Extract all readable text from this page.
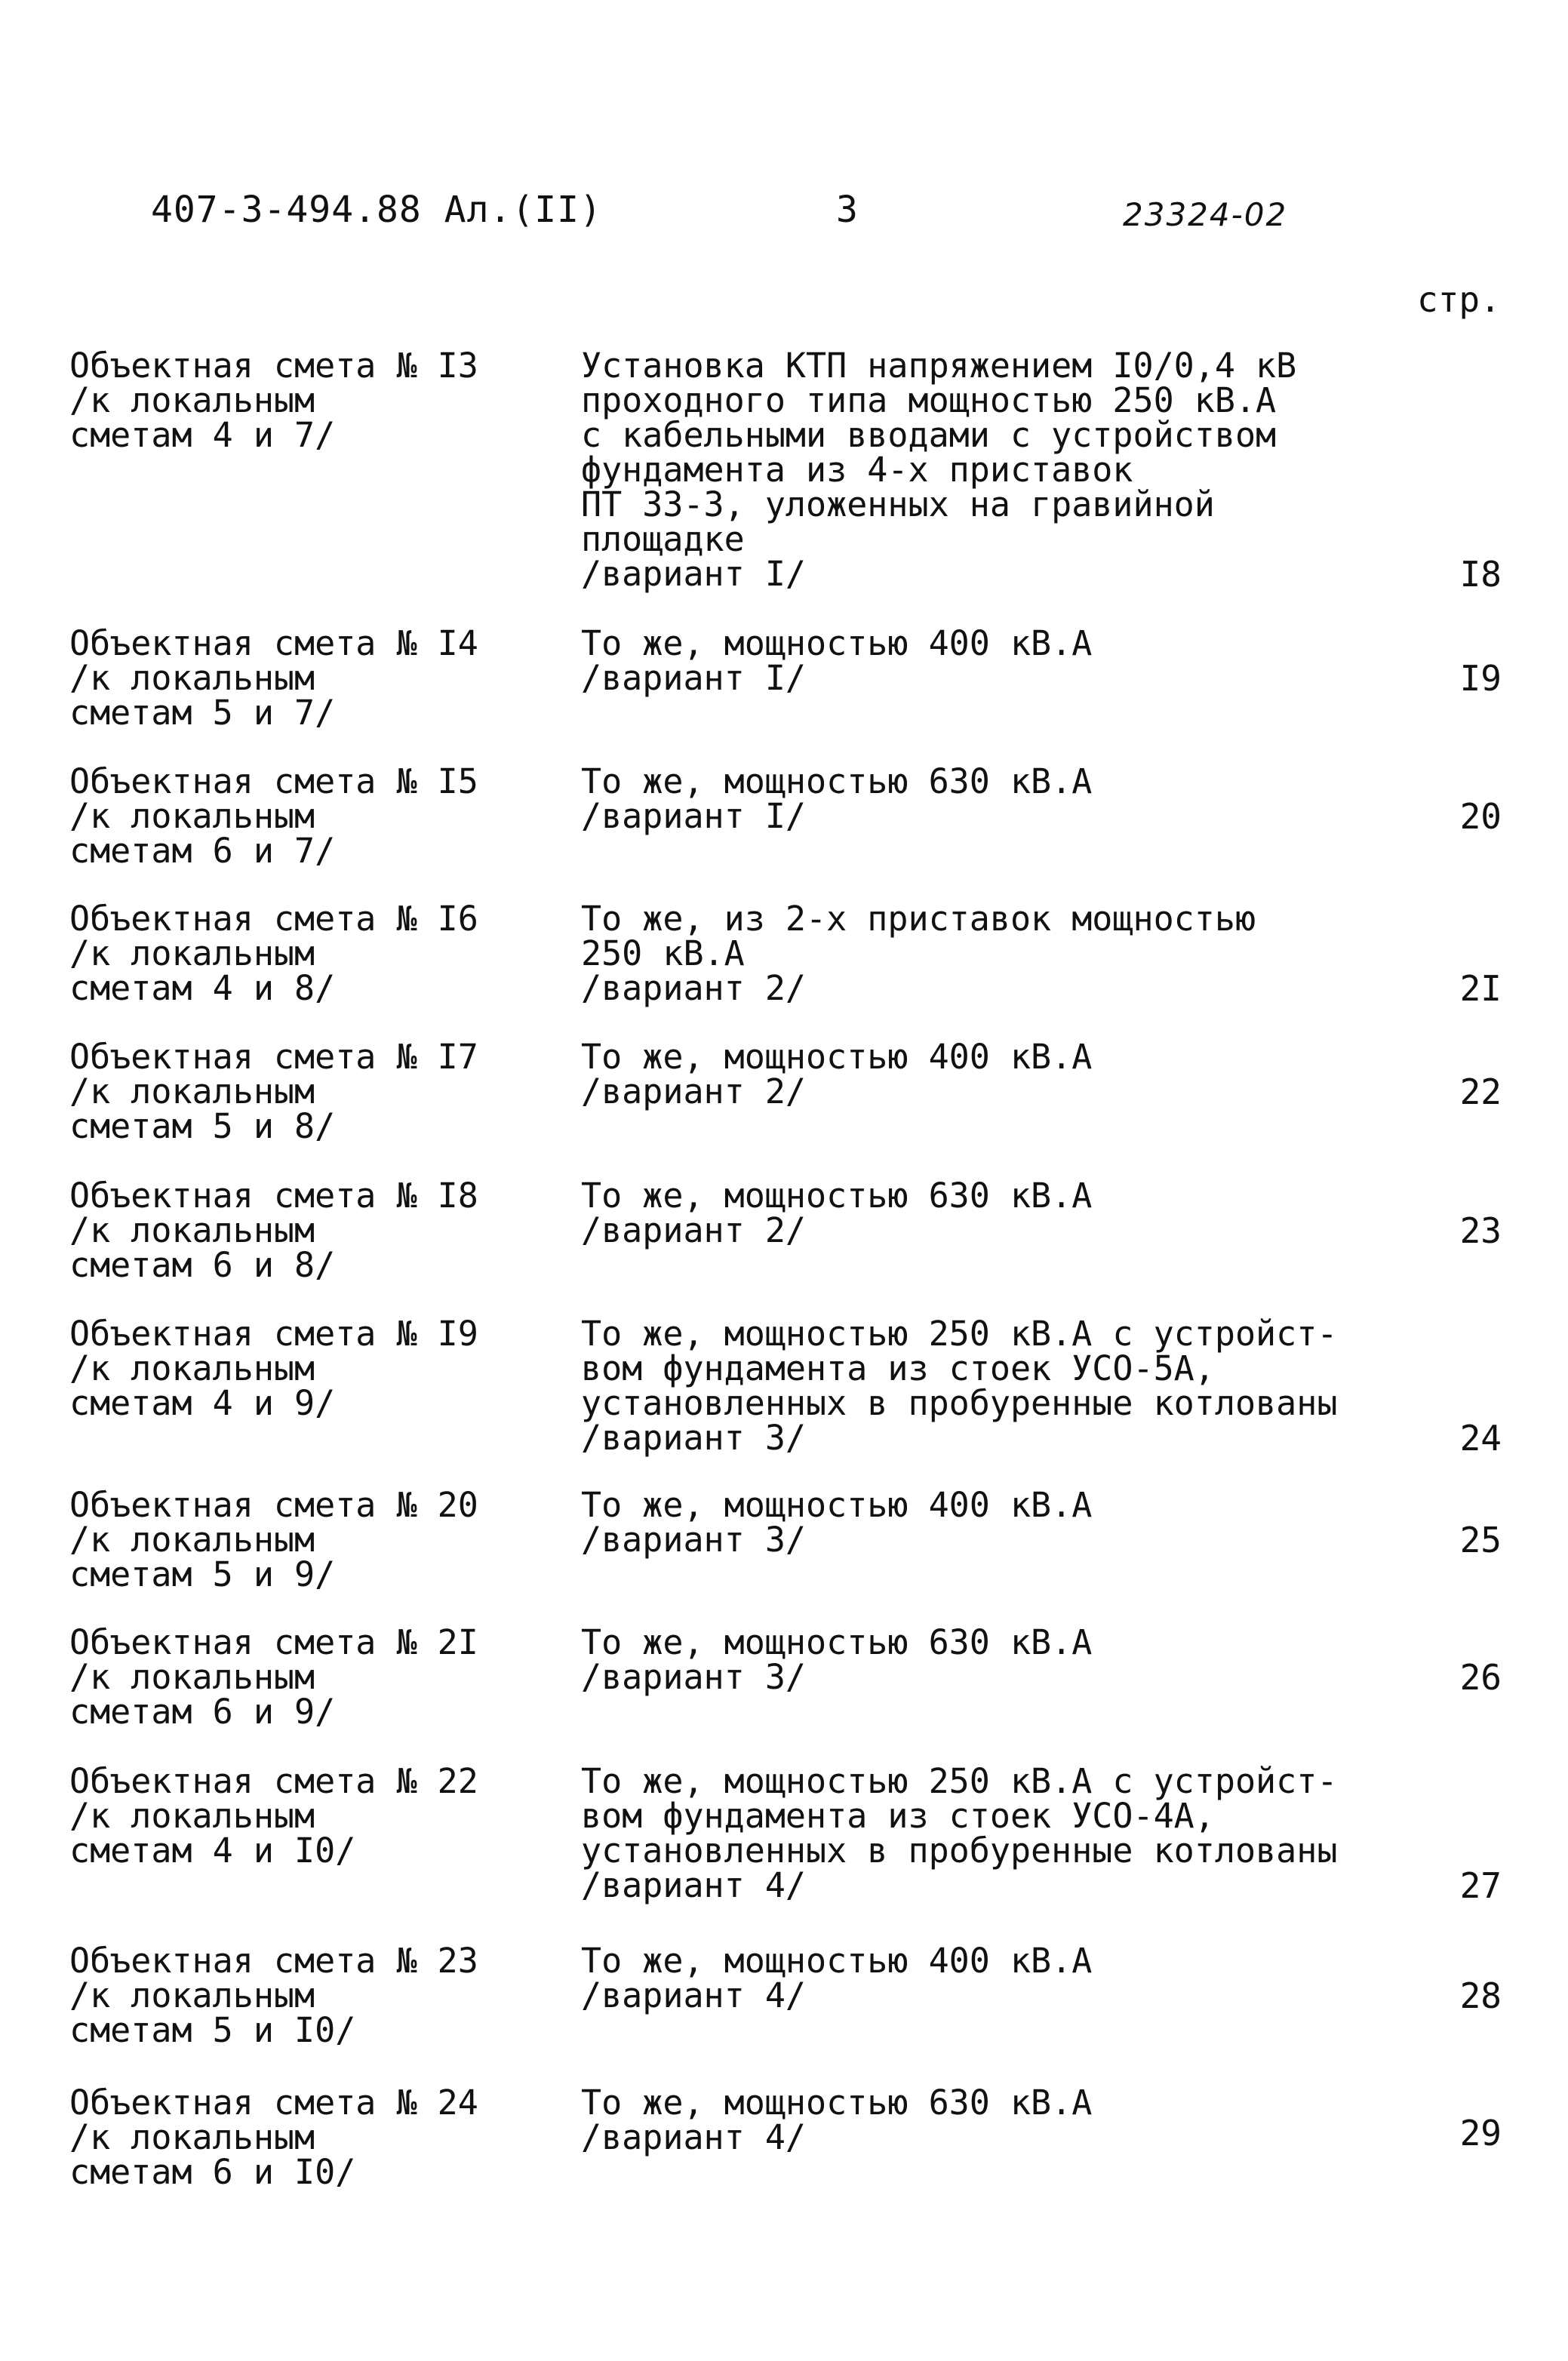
407-3-494.88 Ал.(II)	3	23324-02
стр.
Объектная смета № I3
/к локальным
сметам 4 и 7/
Установка КТП напряжением I0/0,4 кВ
проходного типа мощностью 250 кВ.А
с кабельными вводами с устройством
фундамента из 4-х приставок
ПТ 33-3, уложенных на гравийной
площадке
/вариант I/	I8
Объектная смета № I4
/к локальным
сметам 5 и 7/
То же, мощностью 400 кВ.А
/вариант I/	I9
Объектная смета № I5
/к локальным
сметам 6 и 7/
То же, мощностью 630 кВ.А
/вариант I/	20
Объектная смета № I6
/к локальным
сметам 4 и 8/
То же, из 2-х приставок мощностью
250 кВ.А
/вариант 2/	2I
Объектная смета № I7
/к локальным
сметам 5 и 8/
То же, мощностью 400 кВ.А
/вариант 2/	22
Объектная смета № I8
/к локальным
сметам 6 и 8/
То же, мощностью 630 кВ.А
/вариант 2/	23
Объектная смета № I9
/к локальным
сметам 4 и 9/
То же, мощностью 250 кВ.А с устройст-
вом фундамента из стоек УСО-5А,
установленных в пробуренные котлованы
/вариант 3/	24
Объектная смета № 20
/к локальным
сметам 5 и 9/
То же, мощностью 400 кВ.А
/вариант 3/	25
Объектная смета № 2I
/к локальным
сметам 6 и 9/
То же, мощностью 630 кВ.А
/вариант 3/	26
Объектная смета № 22
/к локальным
сметам 4 и I0/
То же, мощностью 250 кВ.А с устройст-
вом фундамента из стоек УСО-4А,
установленных в пробуренные котлованы
/вариант 4/	27
Объектная смета № 23
/к локальным
сметам 5 и I0/
То же, мощностью 400 кВ.А
/вариант 4/	28
Объектная смета № 24
/к локальным
сметам 6 и I0/
То же, мощностью 630 кВ.А
/вариант 4/	29
